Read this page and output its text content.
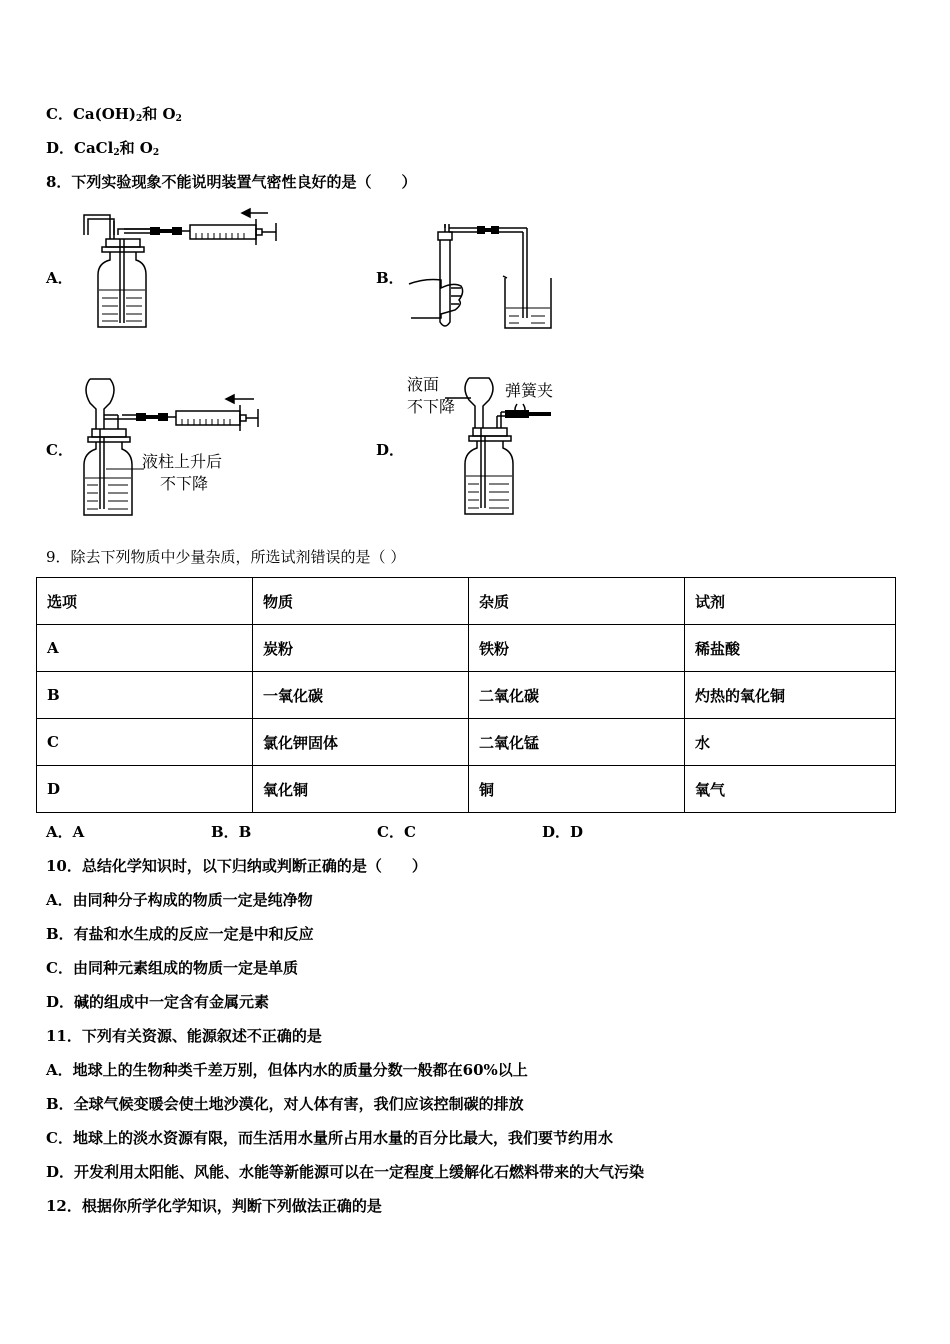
C．$Ca(OH)_2$和 $O_2$
D．CaCl$_2$和 $O_2$
8．下列实验现象不能说明装置气密性良好的是（　　）
A．	B．
C．	D．
液柱上升后
不下降
液面
不下降
弹簧夹
9．除去下列物质中少量杂质，所选试剂错误的是（ ）
选项	物质	杂质	试剂
A	炭粉	铁粉	稀盐酸
B	一氧化碳	二氧化碳	灼热的氧化铜
C	氯化钾固体	二氧化锰	水
D	氧化铜	铜	氧气
A．A	B．B	C．C	D．D
10．总结化学知识时，以下归纳或判断正确的是（　　）
A．由同种分子构成的物质一定是纯净物
B．有盐和水生成的反应一定是中和反应
C．由同种元素组成的物质一定是单质
D．碱的组成中一定含有金属元素
11．下列有关资源、能源叙述不正确的是
A．地球上的生物种类千差万别，但体内水的质量分数一般都在60%以上
B．全球气候变暖会使土地沙漠化，对人体有害，我们应该控制碳的排放
C．地球上的淡水资源有限，而生活用水量所占用水量的百分比最大，我们要节约用水
D．开发利用太阳能、风能、水能等新能源可以在一定程度上缓解化石燃料带来的大气污染
12．根据你所学化学知识，判断下列做法正确的是
